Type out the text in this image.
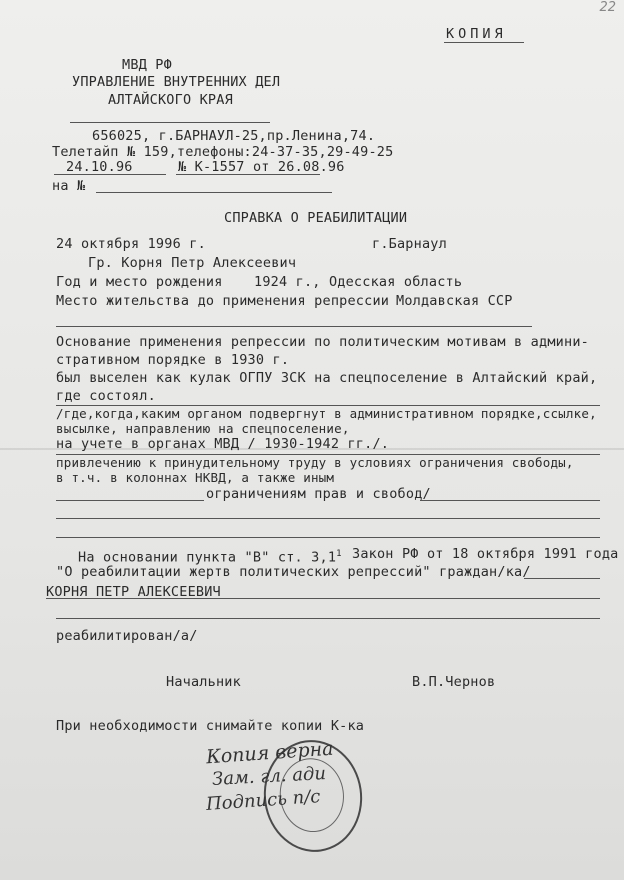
22
КОПИЯ
МВД РФ
УПРАВЛЕНИЕ ВНУТРЕННИХ ДЕЛ
АЛТАЙСКОГО КРАЯ
656025, г.БАРНАУЛ-25,пр.Ленина,74.
Телетайп № 159,телефоны:24-37-35,29-49-25
24.10.96	№ К-1557 от 26.08.96
на №
СПРАВКА О РЕАБИЛИТАЦИИ
24 октября 1996 г.	г.Барнаул
Гр. Корня Петр Алексеевич
Год и место рождения 1924 г., Одесская область
Место жительства до применения репрессии Молдавская ССР
Основание применения репрессии по политическим мотивам в админи-
стративном порядке в 1930 г.
был выселен как кулак ОГПУ ЗСК на спецпоселение в Алтайский край,
где состоял.
/где,когда,каким органом подвергнут в административном порядке,ссылке,
высылке, направлению на спецпоселение,
на учете в органах МВД / 1930-1942 гг./.
привлечению к принудительному труду в условиях ограничения свободы,
в т.ч. в колоннах НКВД, а также иным
ограничениям прав и свобод/
На основании пункта "В" ст. $3,1^1$ Закон РФ от 18 октября 1991 года
"О реабилитации жертв политических репрессий" граждан/ка/
КОРНЯ ПЕТР АЛЕКСЕЕВИЧ
реабилитирован/а/
Начальник	В.П.Чернов
При необходимости снимайте копии К-ка
Копия верна
Зам. гл. ади
Подпись п/с
